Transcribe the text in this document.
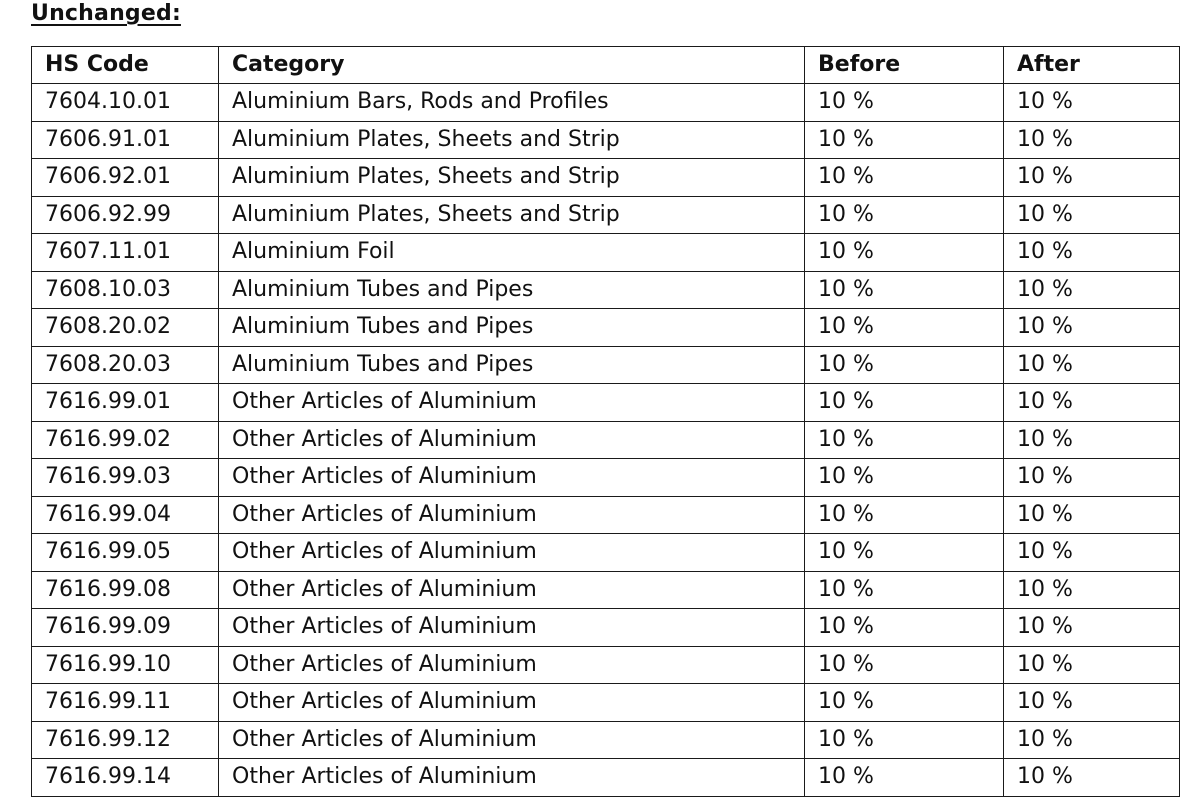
Unchanged:
HS Code	Category	Before	After
7604.10.01	Aluminium Bars, Rods and Profiles	10 %	10 %
7606.91.01	Aluminium Plates, Sheets and Strip	10 %	10 %
7606.92.01	Aluminium Plates, Sheets and Strip	10 %	10 %
7606.92.99	Aluminium Plates, Sheets and Strip	10 %	10 %
7607.11.01	Aluminium Foil	10 %	10 %
7608.10.03	Aluminium Tubes and Pipes	10 %	10 %
7608.20.02	Aluminium Tubes and Pipes	10 %	10 %
7608.20.03	Aluminium Tubes and Pipes	10 %	10 %
7616.99.01	Other Articles of Aluminium	10 %	10 %
7616.99.02	Other Articles of Aluminium	10 %	10 %
7616.99.03	Other Articles of Aluminium	10 %	10 %
7616.99.04	Other Articles of Aluminium	10 %	10 %
7616.99.05	Other Articles of Aluminium	10 %	10 %
7616.99.08	Other Articles of Aluminium	10 %	10 %
7616.99.09	Other Articles of Aluminium	10 %	10 %
7616.99.10	Other Articles of Aluminium	10 %	10 %
7616.99.11	Other Articles of Aluminium	10 %	10 %
7616.99.12	Other Articles of Aluminium	10 %	10 %
7616.99.14	Other Articles of Aluminium	10 %	10 %
